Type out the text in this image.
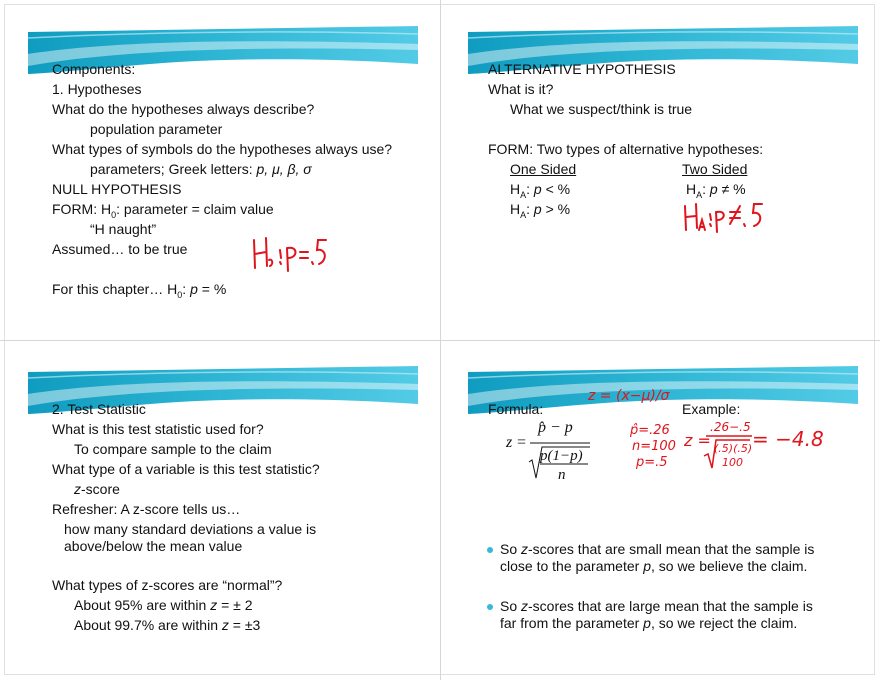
Components:
1. Hypotheses
What do the hypotheses always describe?
population parameter
What types of symbols do the hypotheses always use?
parameters; Greek letters: p, μ, β, σ
NULL HYPOTHESIS
FORM: $H_0$: parameter = claim value
“H naught”
Assumed… to be true
For this chapter… $H_0$: p = %
ALTERNATIVE HYPOTHESIS
What is it?
What we suspect/think is true
FORM: Two types of alternative hypotheses:
One Sided	Two Sided
$H_A$: p < %
$H_A$: p > %
$H_A$: p ≠ %
2. Test Statistic
What is this test statistic used for?
To compare sample to the claim
What type of a variable is this test statistic?
z-score
Refresher: A z-score tells us…
how many standard deviations a value is
above/below the mean value
What types of z-scores are “normal”?
About 95% are within z = ± 2
About 99.7% are within z = ±3
Formula:	Example:
z =
p̂ − p
p(1−p)
n
z = (x−μ)/σ
p̂=.26
n=100
p=.5
z =
.26−.5
(.5)(.5)
100
= −4.8
So z-scores that are small mean that the sample is
close to the parameter p, so we believe the claim.
So z-scores that are large mean that the sample is
far from the parameter p, so we reject the claim.
